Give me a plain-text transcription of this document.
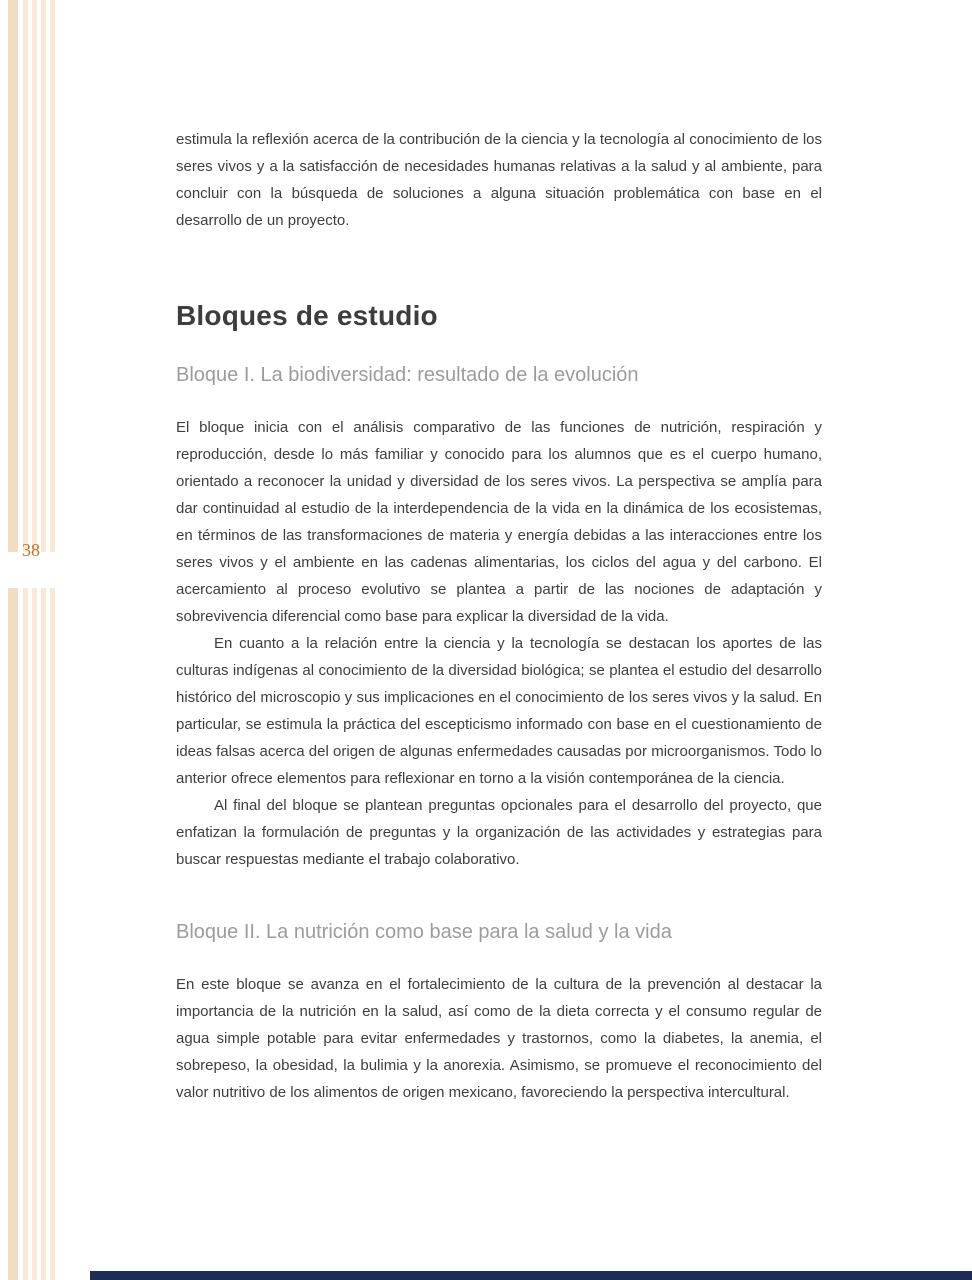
38

estimula la reflexión acerca de la contribución de la ciencia y la tecnología al conocimiento de los seres vivos y a la satisfacción de necesidades humanas relativas a la salud y al ambiente, para concluir con la búsqueda de soluciones a alguna situación problemática con base en el desarrollo de un proyecto.

Bloques de estudio
Bloque I. La biodiversidad: resultado de la evolución

El bloque inicia con el análisis comparativo de las funciones de nutrición, respiración y reproducción, desde lo más familiar y conocido para los alumnos que es el cuerpo humano, orientado a reconocer la unidad y diversidad de los seres vivos. La perspectiva se amplía para dar continuidad al estudio de la interdependencia de la vida en la dinámica de los ecosistemas, en términos de las transformaciones de materia y energía debidas a las interacciones entre los seres vivos y el ambiente en las cadenas alimentarias, los ciclos del agua y del carbono. El acercamiento al proceso evolutivo se plantea a partir de las nociones de adaptación y sobrevivencia diferencial como base para explicar la diversidad de la vida.

En cuanto a la relación entre la ciencia y la tecnología se destacan los aportes de las culturas indígenas al conocimiento de la diversidad biológica; se plantea el estudio del desarrollo histórico del microscopio y sus implicaciones en el conocimiento de los seres vivos y la salud. En particular, se estimula la práctica del escepticismo informado con base en el cuestionamiento de ideas falsas acerca del origen de algunas enfermedades causadas por microorganismos. Todo lo anterior ofrece elementos para reflexionar en torno a la visión contemporánea de la ciencia.

Al final del bloque se plantean preguntas opcionales para el desarrollo del proyecto, que enfatizan la formulación de preguntas y la organización de las actividades y estrategias para buscar respuestas mediante el trabajo colaborativo.

Bloque II. La nutrición como base para la salud y la vida

En este bloque se avanza en el fortalecimiento de la cultura de la prevención al destacar la importancia de la nutrición en la salud, así como de la dieta correcta y el consumo regular de agua simple potable para evitar enfermedades y trastornos, como la diabetes, la anemia, el sobrepeso, la obesidad, la bulimia y la anorexia. Asimismo, se promueve el reconocimiento del valor nutritivo de los alimentos de origen mexicano, favoreciendo la perspectiva intercultural.
